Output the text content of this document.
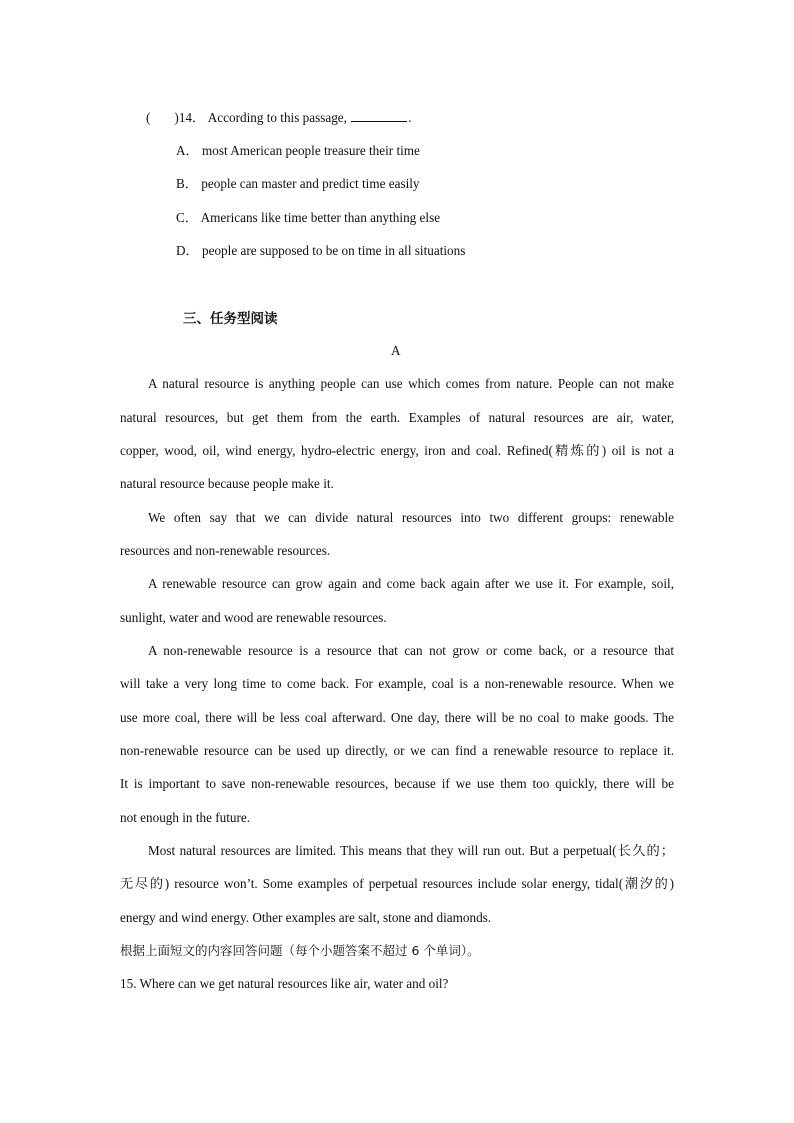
( )14． According to this passage,	.
A． most American people treasure their time
B． people can master and predict time easily
C． Americans like time better than anything else
D． people are supposed to be on time in all situations
三、任务型阅读
A
A natural resource is anything people can use which comes from nature. People can not make
natural resources, but get them from the earth. Examples of natural resources are air, water,
copper, wood, oil, wind energy, hydro-electric energy, iron and coal. Refined(精炼的) oil is not a
natural resource because people make it.
We often say that we can divide natural resources into two different groups: renewable
resources and non-renewable resources.
A renewable resource can grow again and come back again after we use it. For example, soil,
sunlight, water and wood are renewable resources.
A non-renewable resource is a resource that can not grow or come back, or a resource that
will take a very long time to come back. For example, coal is a non-renewable resource. When we
use more coal, there will be less coal afterward. One day, there will be no coal to make goods. The
non-renewable resource can be used up directly, or we can find a renewable resource to replace it.
It is important to save non-renewable resources, because if we use them too quickly, there will be
not enough in the future.
Most natural resources are limited. This means that they will run out. But a perpetual(长久的；
无尽的) resource won’t. Some examples of perpetual resources include solar energy, tidal(潮汐的)
energy and wind energy. Other examples are salt, stone and diamonds.
根据上面短文的内容回答问题（每个小题答案不超过 6 个单词）。
15. Where can we get natural resources like air, water and oil?
